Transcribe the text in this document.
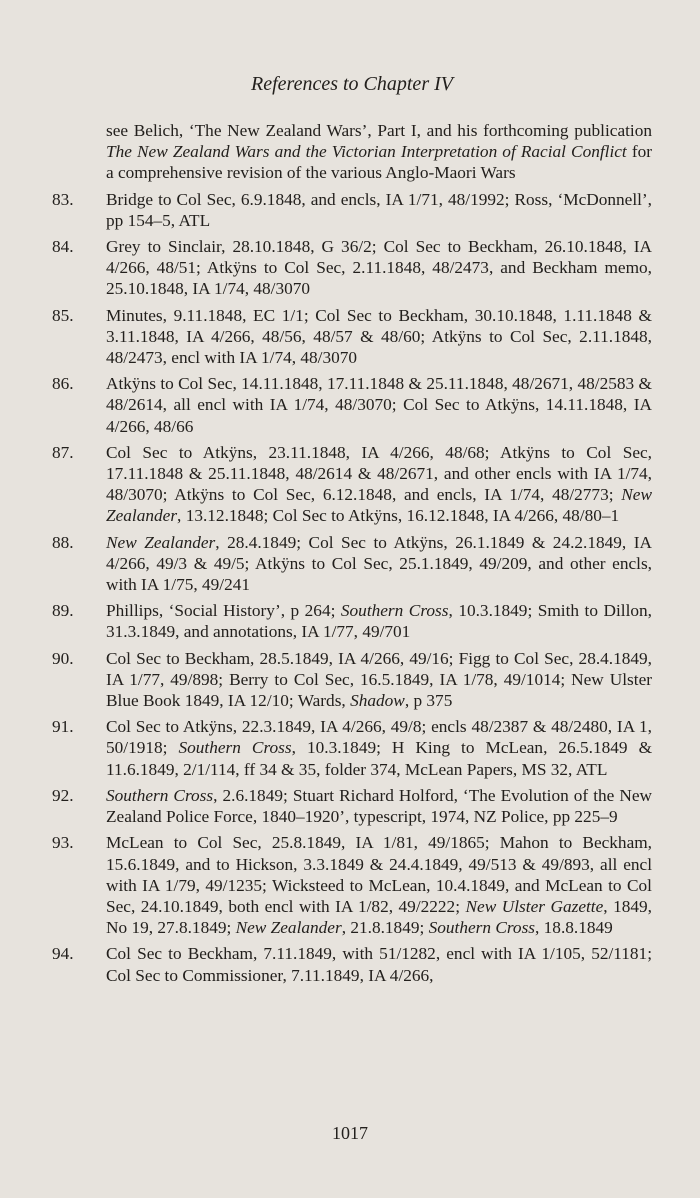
References to Chapter IV
see Belich, ‘The New Zealand Wars’, Part I, and his forthcoming publication The New Zealand Wars and the Victorian Interpretation of Racial Conflict for a comprehensive revision of the various Anglo-Maori Wars
83.	Bridge to Col Sec, 6.9.1848, and encls, IA 1/71, 48/1992; Ross, ‘McDonnell’, pp 154–5, ATL
84.	Grey to Sinclair, 28.10.1848, G 36/2; Col Sec to Beckham, 26.10.1848, IA 4/266, 48/51; Atkÿns to Col Sec, 2.11.1848, 48/2473, and Beckham memo, 25.10.1848, IA 1/74, 48/3070
85.	Minutes, 9.11.1848, EC 1/1; Col Sec to Beckham, 30.10.1848, 1.11.1848 & 3.11.1848, IA 4/266, 48/56, 48/57 & 48/60; Atkÿns to Col Sec, 2.11.1848, 48/2473, encl with IA 1/74, 48/3070
86.	Atkÿns to Col Sec, 14.11.1848, 17.11.1848 & 25.11.1848, 48/2671, 48/2583 & 48/2614, all encl with IA 1/74, 48/3070; Col Sec to Atkÿns, 14.11.1848, IA 4/266, 48/66
87.	Col Sec to Atkÿns, 23.11.1848, IA 4/266, 48/68; Atkÿns to Col Sec, 17.11.1848 & 25.11.1848, 48/2614 & 48/2671, and other encls with IA 1/74, 48/3070; Atkÿns to Col Sec, 6.12.1848, and encls, IA 1/74, 48/2773; New Zealander, 13.12.1848; Col Sec to Atkÿns, 16.12.1848, IA 4/266, 48/80–1
88.	New Zealander, 28.4.1849; Col Sec to Atkÿns, 26.1.1849 & 24.2.1849, IA 4/266, 49/3 & 49/5; Atkÿns to Col Sec, 25.1.1849, 49/209, and other encls, with IA 1/75, 49/241
89.	Phillips, ‘Social History’, p 264; Southern Cross, 10.3.1849; Smith to Dillon, 31.3.1849, and annotations, IA 1/77, 49/701
90.	Col Sec to Beckham, 28.5.1849, IA 4/266, 49/16; Figg to Col Sec, 28.4.1849, IA 1/77, 49/898; Berry to Col Sec, 16.5.1849, IA 1/78, 49/1014; New Ulster Blue Book 1849, IA 12/10; Wards, Shadow, p 375
91.	Col Sec to Atkÿns, 22.3.1849, IA 4/266, 49/8; encls 48/2387 & 48/2480, IA 1, 50/1918; Southern Cross, 10.3.1849; H King to McLean, 26.5.1849 & 11.6.1849, 2/1/114, ff 34 & 35, folder 374, McLean Papers, MS 32, ATL
92.	Southern Cross, 2.6.1849; Stuart Richard Holford, ‘The Evolution of the New Zealand Police Force, 1840–1920’, typescript, 1974, NZ Police, pp 225–9
93.	McLean to Col Sec, 25.8.1849, IA 1/81, 49/1865; Mahon to Beckham, 15.6.1849, and to Hickson, 3.3.1849 & 24.4.1849, 49/513 & 49/893, all encl with IA 1/79, 49/1235; Wicksteed to McLean, 10.4.1849, and McLean to Col Sec, 24.10.1849, both encl with IA 1/82, 49/2222; New Ulster Gazette, 1849, No 19, 27.8.1849; New Zealander, 21.8.1849; Southern Cross, 18.8.1849
94.	Col Sec to Beckham, 7.11.1849, with 51/1282, encl with IA 1/105, 52/1181; Col Sec to Commissioner, 7.11.1849, IA 4/266,
1017
